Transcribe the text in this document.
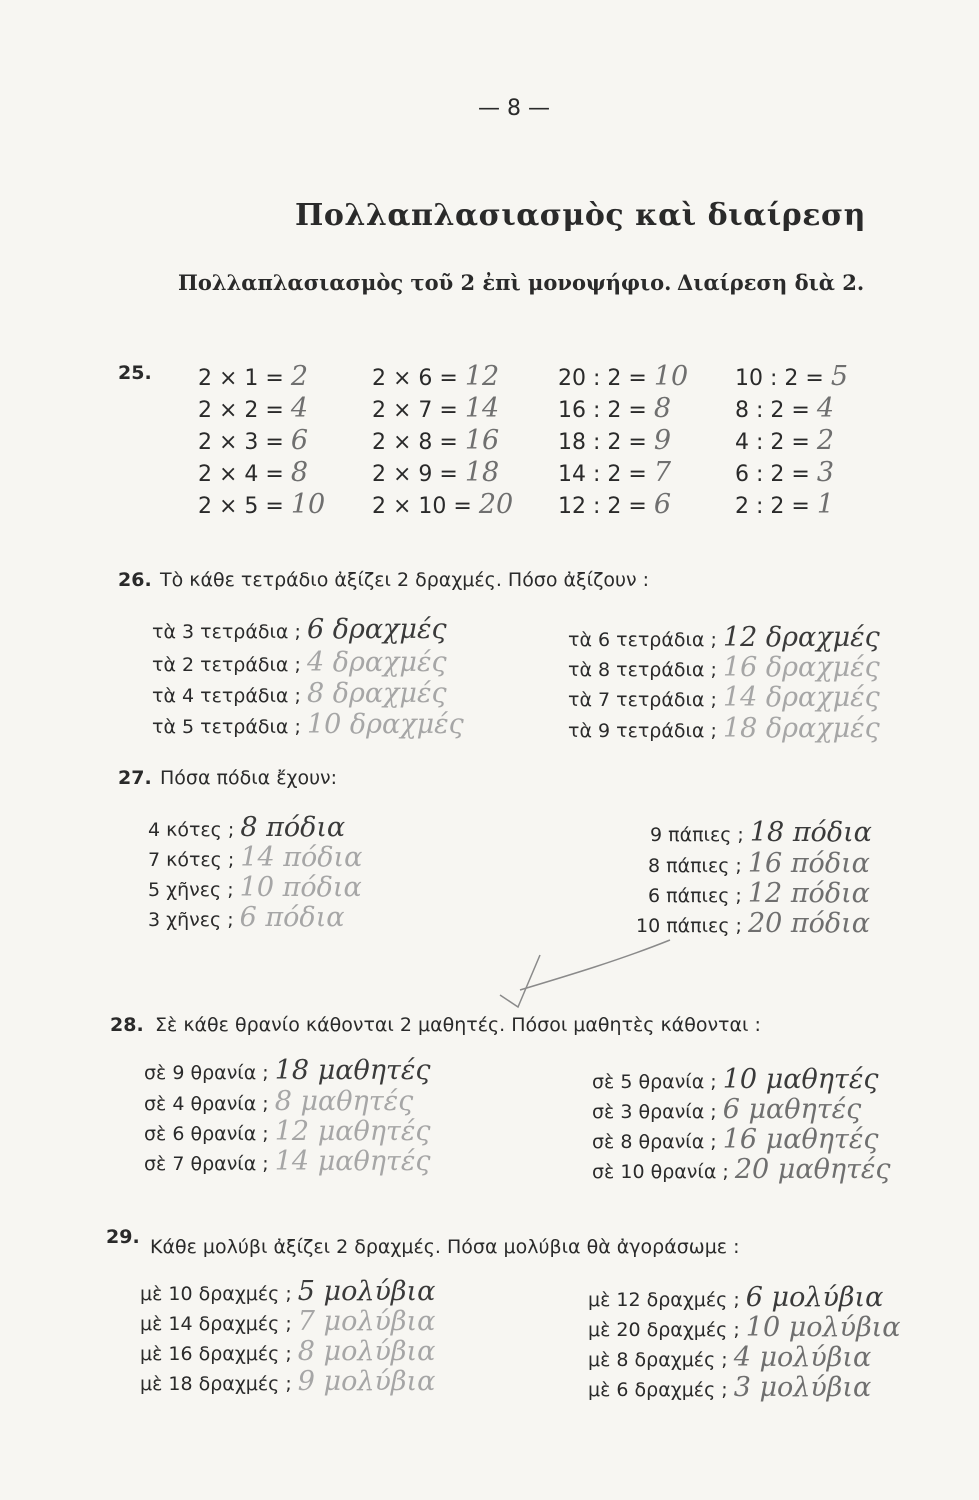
— 8 —
Πολλαπλασιασμὸς καὶ διαίρεση
Πολλαπλασιασμὸς τοῦ 2 ἐπὶ μονοψήφιο. Διαίρεση διὰ 2.
25. 2 × 1 = 2
2 × 2 = 4
2 × 3 = 6
2 × 4 = 8
2 × 5 = 10
2 × 6 = 12
2 × 7 = 14
2 × 8 = 16
2 × 9 = 18
2 × 10 = 20
20 : 2 = 10
16 : 2 = 8
18 : 2 = 9
14 : 2 = 7
12 : 2 = 6
10 : 2 = 5
8 : 2 = 4
4 : 2 = 2
6 : 2 = 3
2 : 2 = 1
26. Τὸ κάθε τετράδιο ἀξίζει 2 δραχμές. Πόσο ἀξίζουν :
τὰ 3 τετράδια ; 6 δραχμές
τὰ 2 τετράδια ; 4 δραχμές
τὰ 4 τετράδια ; 8 δραχμές
τὰ 5 τετράδια ; 10 δραχμές
τὰ 6 τετράδια ; 12 δραχμές
τὰ 8 τετράδια ; 16 δραχμές
τὰ 7 τετράδια ; 14 δραχμές
τὰ 9 τετράδια ; 18 δραχμές
27. Πόσα πόδια ἔχουν:
4 κότες ; 8 πόδια
7 κότες ; 14 πόδια
5 χῆνες ; 10 πόδια
3 χῆνες ; 6 πόδια
9 πάπιες ; 18 πόδια
8 πάπιες ; 16 πόδια
6 πάπιες ; 12 πόδια
10 πάπιες ; 20 πόδια
28. Σὲ κάθε θρανίο κάθονται 2 μαθητές. Πόσοι μαθητὲς κάθονται :
σὲ 9 θρανία ; 18 μαθητές
σὲ 4 θρανία ; 8 μαθητές
σὲ 6 θρανία ; 12 μαθητές
σὲ 7 θρανία ; 14 μαθητές
σὲ 5 θρανία ; 10 μαθητές
σὲ 3 θρανία ; 6 μαθητές
σὲ 8 θρανία ; 16 μαθητές
σὲ 10 θρανία ; 20 μαθητές
29. Κάθε μολύβι ἀξίζει 2 δραχμές. Πόσα μολύβια θὰ ἀγοράσωμε :
μὲ 10 δραχμές ; 5 μολύβια
μὲ 14 δραχμές ; 7 μολύβια
μὲ 16 δραχμές ; 8 μολύβια
μὲ 18 δραχμές ; 9 μολύβια
μὲ 12 δραχμές ; 6 μολύβια
μὲ 20 δραχμές ; 10 μολύβια
μὲ 8 δραχμές ; 4 μολύβια
μὲ 6 δραχμές ; 3 μολύβια
